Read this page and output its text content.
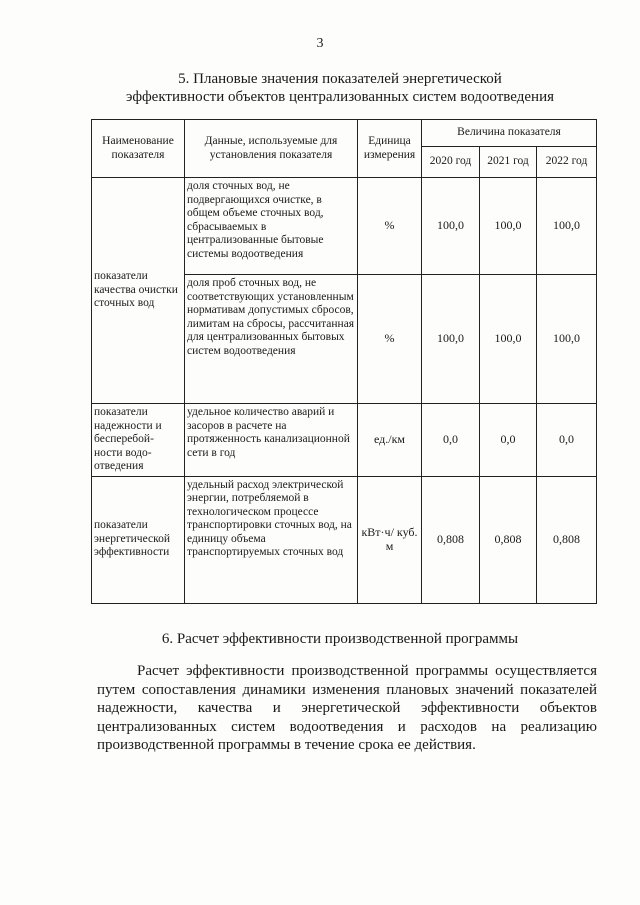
3
5. Плановые значения показателей энергетической
эффективности объектов централизованных систем водоотведения
Наименование показателя	Данные, используемые для установления показателя	Единица измерения	Величина показателя		
			2020 год	2021 год	2022 год
показатели качества очистки сточных вод	доля сточных вод, не подвергающихся очистке, в общем объеме сточных вод, сбрасываемых в централизованные бытовые системы водоотведения	%	100,0	100,0	100,0
	доля проб сточных вод, не соответствующих установленным нормативам допустимых сбросов, лимитам на сбросы, рассчитанная для централизованных бытовых систем водоотведения	%	100,0	100,0	100,0
показатели надежности и бесперебой-ности водо-отведения	удельное количество аварий и засоров в расчете на протяженность канализационной сети в год	ед./км	0,0	0,0	0,0
показатели энергетической эффективности	удельный расход электрической энергии, потребляемой в технологическом процессе транспортировки сточных вод, на единицу объема транспортируемых сточных вод	кВт·ч/ куб. м	0,808	0,808	0,808
6. Расчет эффективности производственной программы

Расчет эффективности производственной программы осуществляется путем сопоставления динамики изменения плановых значений показателей надежности, качества и энергетической эффективности объектов централизованных систем водоотведения и расходов на реализацию производственной программы в течение срока ее действия.
